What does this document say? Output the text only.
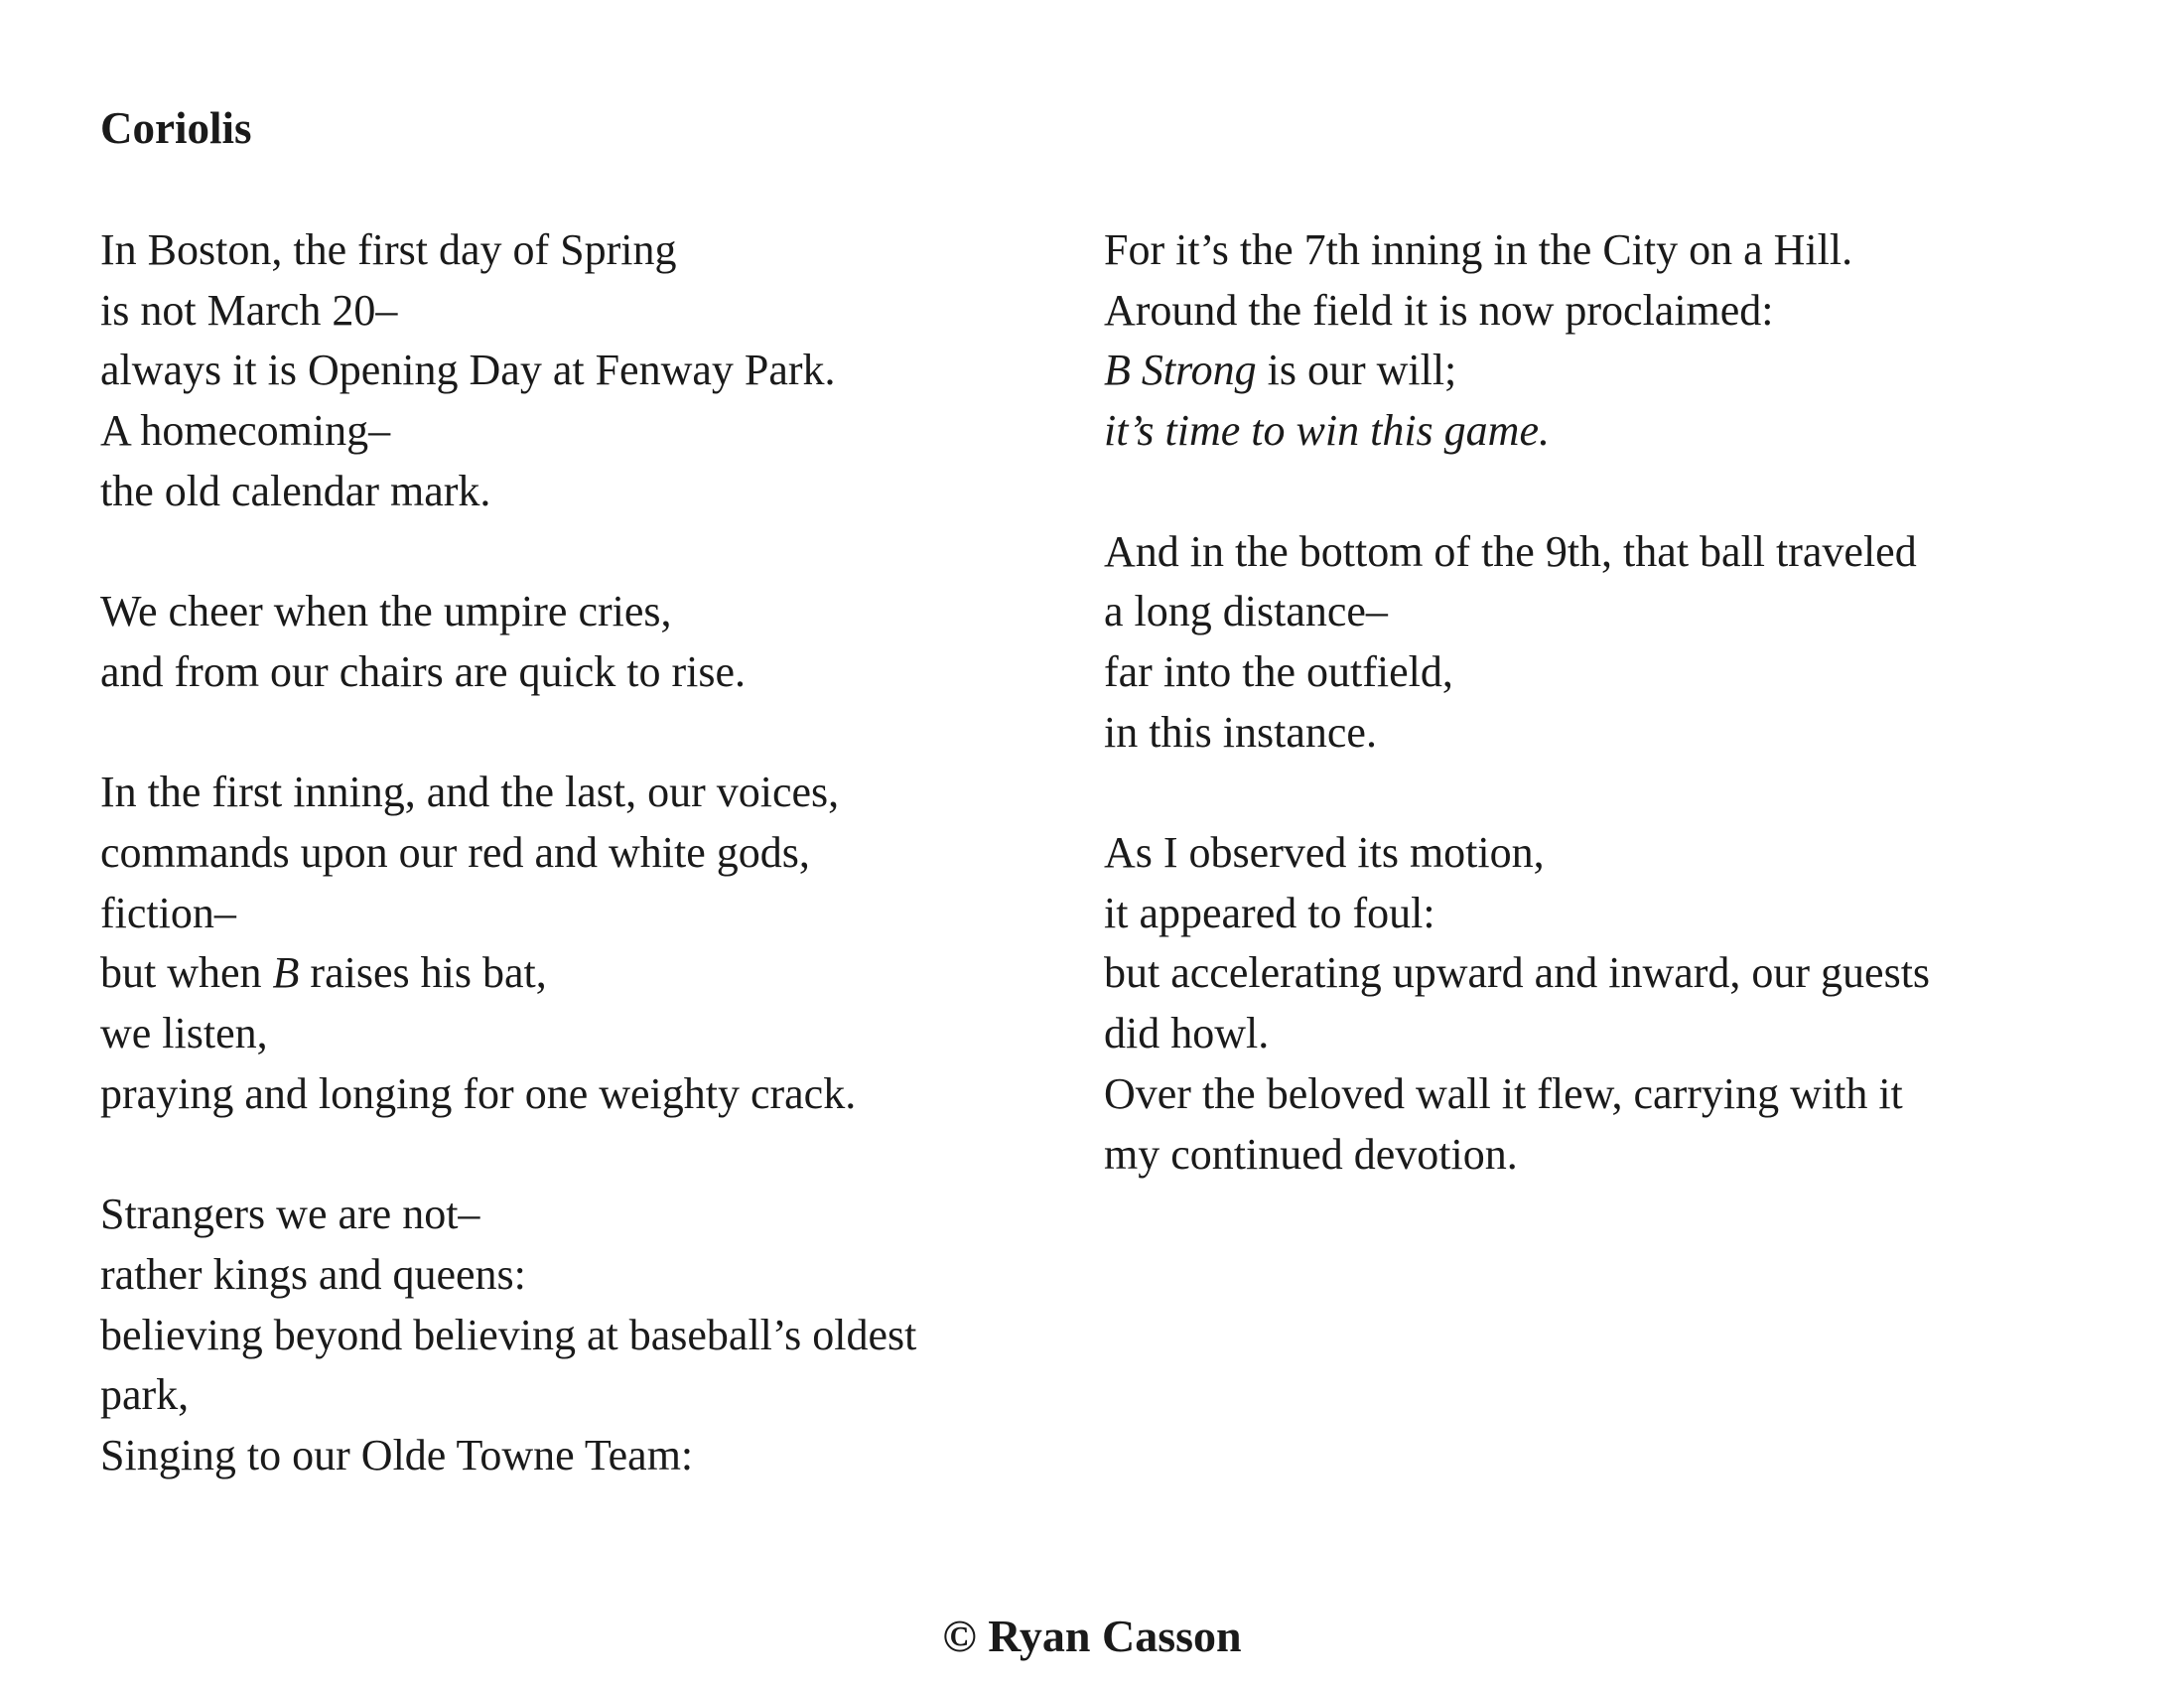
Coriolis
In Boston, the first day of Spring
is not March 20–
always it is Opening Day at Fenway Park.
A homecoming–
the old calendar mark.
We cheer when the umpire cries,
and from our chairs are quick to rise.
In the first inning, and the last, our voices,
commands upon our red and white gods,
fiction–
but when B raises his bat,
we listen,
praying and longing for one weighty crack.
Strangers we are not–
rather kings and queens:
believing beyond believing at baseball’s oldest
park,
Singing to our Olde Towne Team:
For it’s the 7th inning in the City on a Hill.
Around the field it is now proclaimed:
B Strong is our will;
it’s time to win this game.
And in the bottom of the 9th, that ball traveled
a long distance–
far into the outfield,
in this instance.
As I observed its motion,
it appeared to foul:
but accelerating upward and inward, our guests
did howl.
Over the beloved wall it flew, carrying with it
my continued devotion.
© Ryan Casson
